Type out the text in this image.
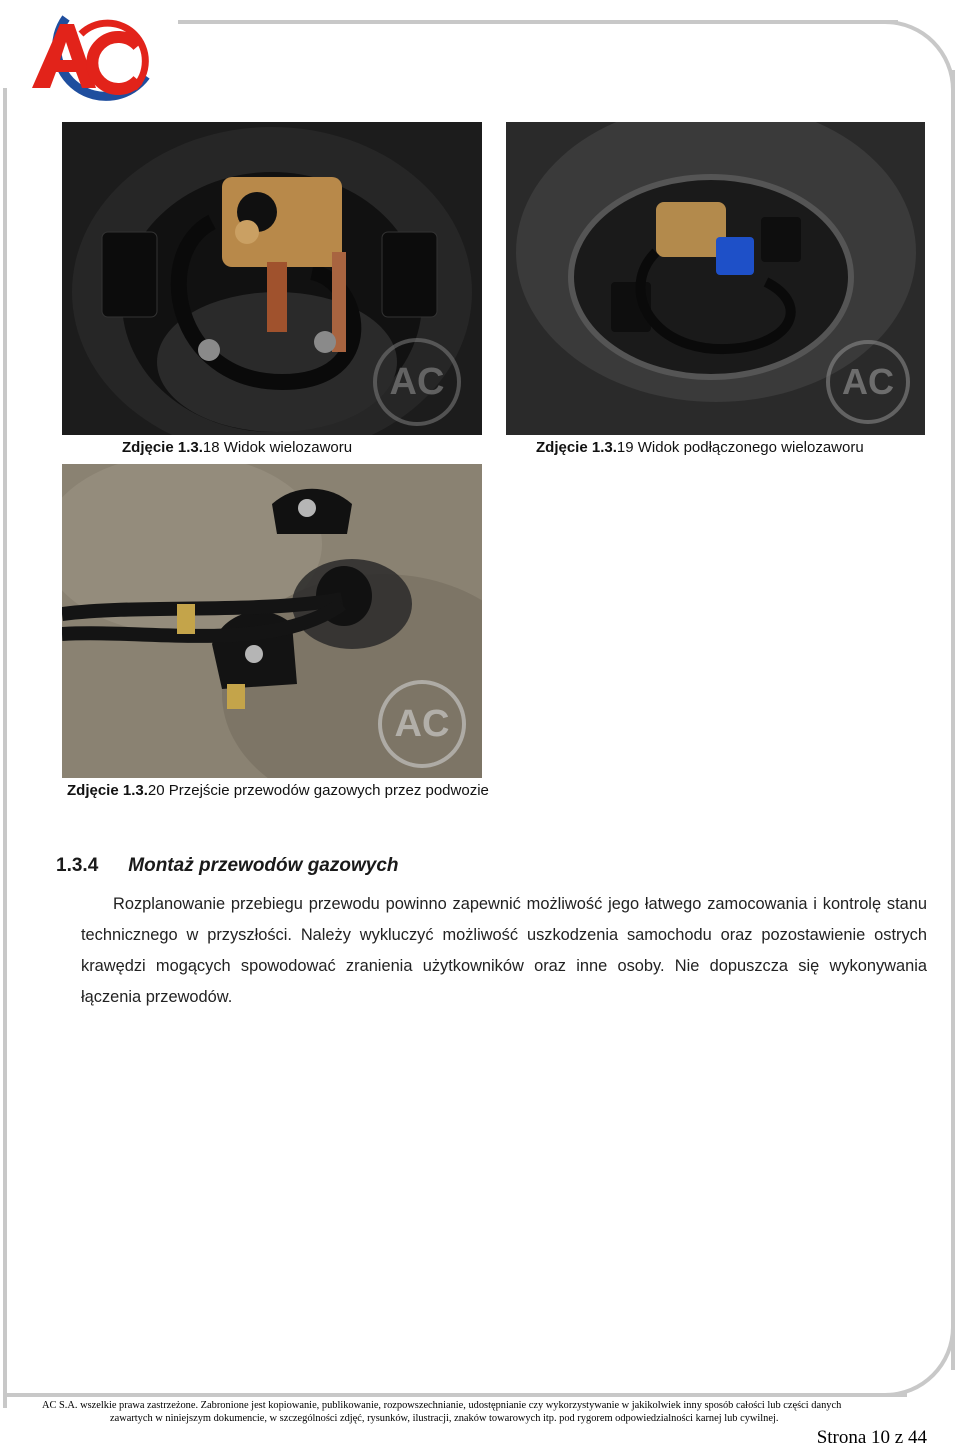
AC	AC
AC
Zdjęcie 1.3.18 Widok wielozaworu	Zdjęcie 1.3.19 Widok podłączonego wielozaworu
Zdjęcie 1.3.20 Przejście przewodów gazowych przez podwozie
1.3.4 Montaż przewodów gazowych

Rozplanowanie przebiegu przewodu powinno zapewnić możliwość jego łatwego zamocowania i kontrolę stanu technicznego w przyszłości. Należy wykluczyć możliwość uszkodzenia samochodu oraz pozostawienie ostrych krawędzi mogących spowodować zranienia użytkowników oraz inne osoby. Nie dopuszcza się wykonywania łączenia przewodów.

AC S.A. wszelkie prawa zastrzeżone. Zabronione jest kopiowanie, publikowanie, rozpowszechnianie, udostępnianie czy wykorzystywanie w jakikolwiek inny sposób całości lub części danych
zawartych w niniejszym dokumencie, w szczególności zdjęć, rysunków, ilustracji, znaków towarowych itp. pod rygorem odpowiedzialności karnej lub cywilnej.
Strona 10 z 44
